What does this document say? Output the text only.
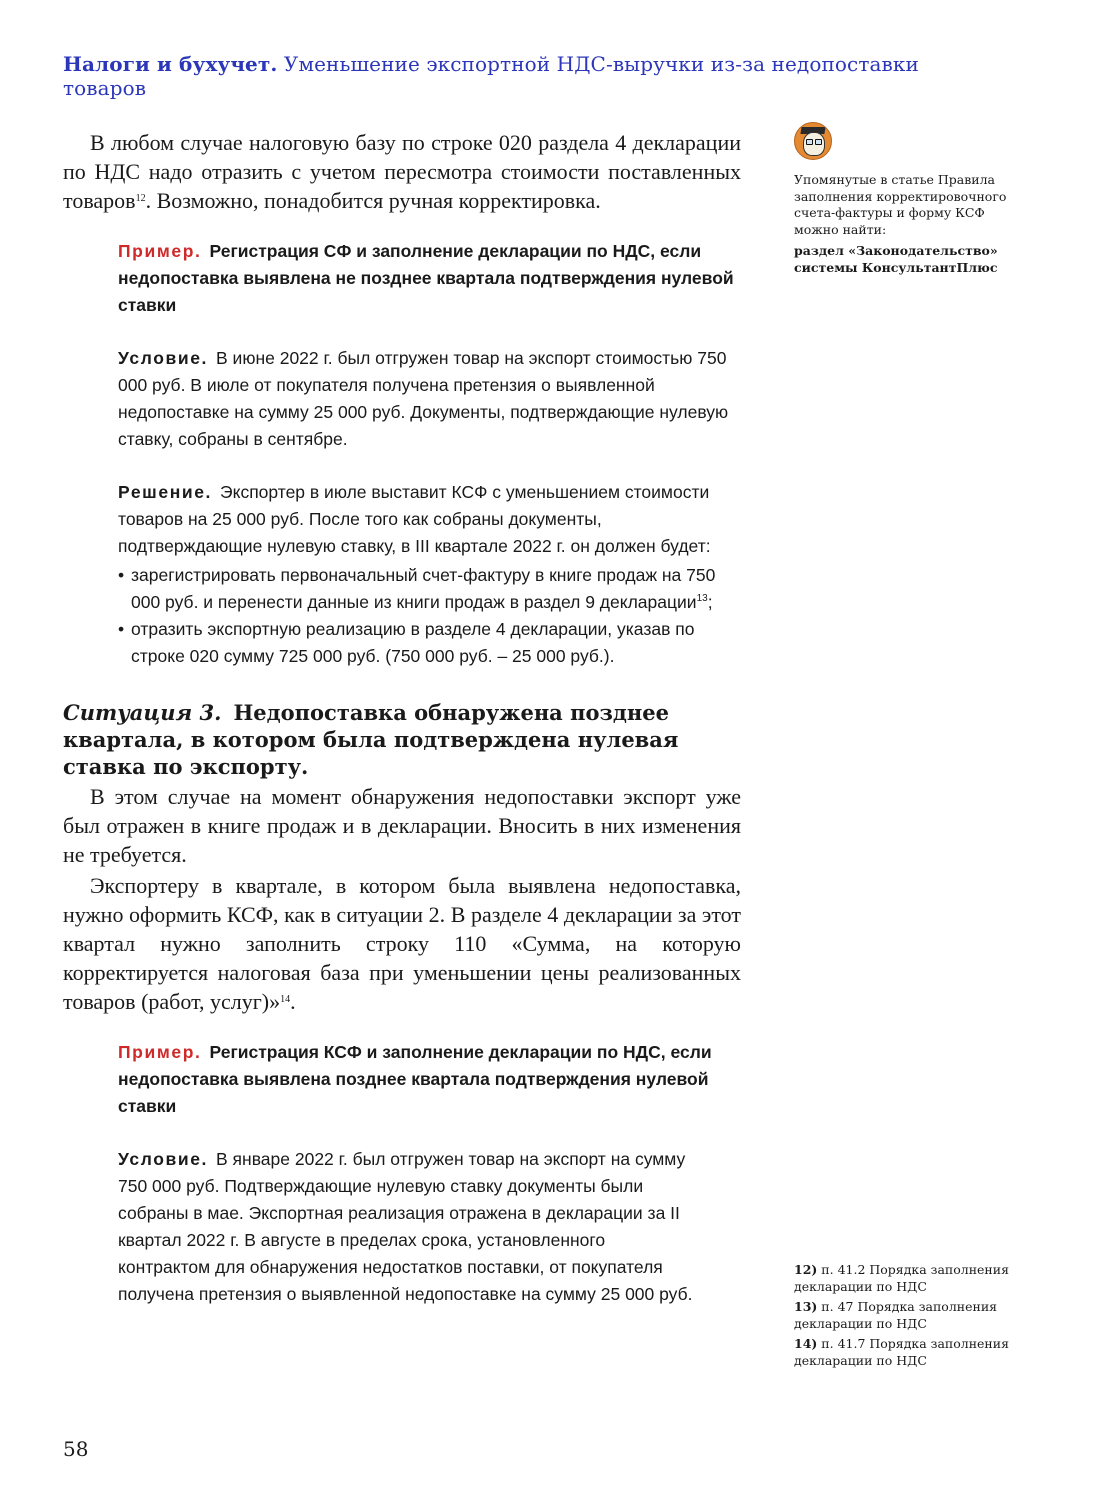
Налоги и бухучет. Уменьшение экспортной НДС-выручки из-за недопоставки товаров

В любом случае налоговую базу по строке 020 раздела 4 декларации по НДС надо отразить с учетом пересмотра стоимости поставленных товаров$^{12}$. Возможно, понадобится ручная корректировка.

Пример. Регистрация СФ и заполнение декларации по НДС, если недопоставка выявлена не позднее квартала подтверждения нулевой ставки

Условие. В июне 2022 г. был отгружен товар на экспорт стоимостью 750 000 руб. В июле от покупателя получена претензия о выявленной недопоставке на сумму 25 000 руб. Документы, подтверждающие нулевую ставку, собраны в сентябре.

Решение. Экспортер в июле выставит КСФ с уменьшением стоимости товаров на 25 000 руб. После того как собраны документы, подтверждающие нулевую ставку, в III квартале 2022 г. он должен будет:

• зарегистрировать первоначальный счет-фактуру в книге продаж на 750 000 руб. и перенести данные из книги продаж в раздел 9 декларации$^{13}$;
• отразить экспортную реализацию в разделе 4 декларации, указав по строке 020 сумму 725 000 руб. (750 000 руб. – 25 000 руб.).

Ситуация 3. Недопоставка обнаружена позднее квартала, в котором была подтверждена нулевая ставка по экспорту.

В этом случае на момент обнаружения недопоставки экспорт уже был отражен в книге продаж и в декларации. Вносить в них изменения не требуется.

Экспортеру в квартале, в котором была выявлена недопоставка, нужно оформить КСФ, как в ситуации 2. В разделе 4 декларации за этот квартал нужно заполнить строку 110 «Сумма, на которую корректируется налоговая база при уменьшении цены реализованных товаров (работ, услуг)»$^{14}$.

Пример. Регистрация КСФ и заполнение декларации по НДС, если недопоставка выявлена позднее квартала подтверждения нулевой ставки

Условие. В январе 2022 г. был отгружен товар на экспорт на сумму 750 000 руб. Подтверждающие нулевую ставку документы были собраны в мае. Экспортная реализация отражена в декларации за II квартал 2022 г. В августе в пределах срока, установленного контрактом для обнаружения недостатков поставки, от покупателя получена претензия о выявленной недопоставке на сумму 25 000 руб.

Упомянутые в статье Правила заполнения корректировочного счета-фактуры и форму КСФ можно найти:

раздел «Законодательство» системы КонсультантПлюс

12) п. 41.2 Порядка заполнения декларации по НДС

13) п. 47 Порядка заполнения декларации по НДС

14) п. 41.7 Порядка заполнения декларации по НДС

58
